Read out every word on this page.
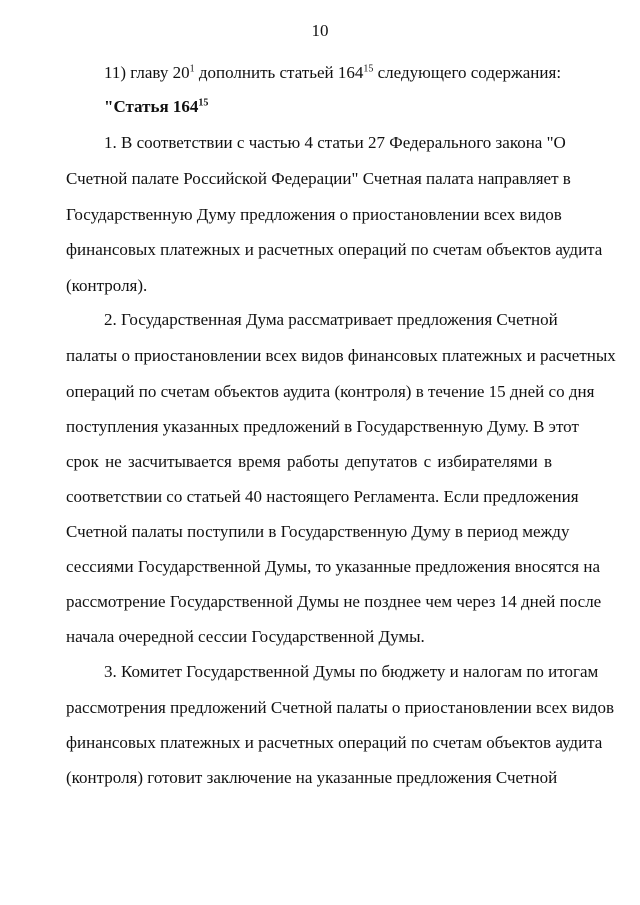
10
11) главу $20^1$ дополнить статьей $164^{15}$ следующего содержания:
"Статья $164^{15}$
1. В соответствии с частью 4 статьи 27 Федерального закона "О
Счетной палате Российской Федерации" Счетная палата направляет в
Государственную Думу предложения о приостановлении всех видов
финансовых платежных и расчетных операций по счетам объектов аудита
(контроля).
2. Государственная Дума рассматривает предложения Счетной
палаты о приостановлении всех видов финансовых платежных и расчетных
операций по счетам объектов аудита (контроля) в течение 15 дней со дня
поступления указанных предложений в Государственную Думу. В этот
срок не засчитывается время работы депутатов с избирателями в
соответствии со статьей 40 настоящего Регламента. Если предложения
Счетной палаты поступили в Государственную Думу в период между
сессиями Государственной Думы, то указанные предложения вносятся на
рассмотрение Государственной Думы не позднее чем через 14 дней после
начала очередной сессии Государственной Думы.
3. Комитет Государственной Думы по бюджету и налогам по итогам
рассмотрения предложений Счетной палаты о приостановлении всех видов
финансовых платежных и расчетных операций по счетам объектов аудита
(контроля) готовит заключение на указанные предложения Счетной
